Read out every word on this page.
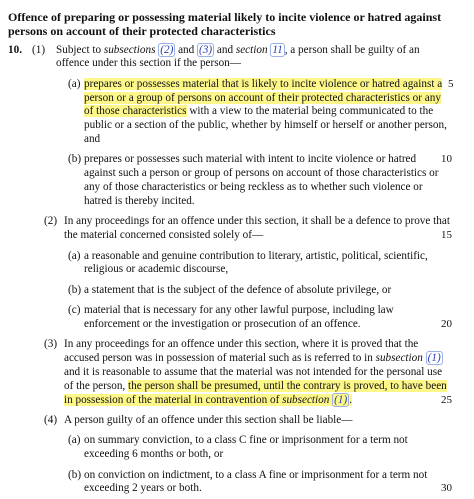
Offence of preparing or possessing material likely to incite violence or hatred against persons on account of their protected characteristics
10. (1) Subject to subsections (2) and (3) and section 11 , a person shall be guilty of an
offence under this section if the person—
(a) prepares or possesses material that is likely to incite violence or hatred against a
person or a group of persons on account of their protected characteristics or any
of those characteristics with a view to the material being communicated to the
public or a section of the public, whether by himself or herself or another person,
and
5
(b) prepares or possesses such material with intent to incite violence or hatred
against such a person or group of persons on account of those characteristics or
any of those characteristics or being reckless as to whether such violence or
hatred is thereby incited.
10
(2) In any proceedings for an offence under this section, it shall be a defence to prove that
the material concerned consisted solely of—	15
(a) a reasonable and genuine contribution to literary, artistic, political, scientific,
religious or academic discourse,
(b) a statement that is the subject of the defence of absolute privilege, or
(c) material that is necessary for any other lawful purpose, including law
enforcement or the investigation or prosecution of an offence.	20
(3) In any proceedings for an offence under this section, where it is proved that the
accused person was in possession of material such as is referred to in subsection (1)
and it is reasonable to assume that the material was not intended for the personal use
of the person, the person shall be presumed, until the contrary is proved, to have been
in possession of the material in contravention of subsection (1) .	25
(4) A person guilty of an offence under this section shall be liable—
(a) on summary conviction, to a class C fine or imprisonment for a term not
exceeding 6 months or both, or
(b) on conviction on indictment, to a class A fine or imprisonment for a term not
exceeding 2 years or both.	30
